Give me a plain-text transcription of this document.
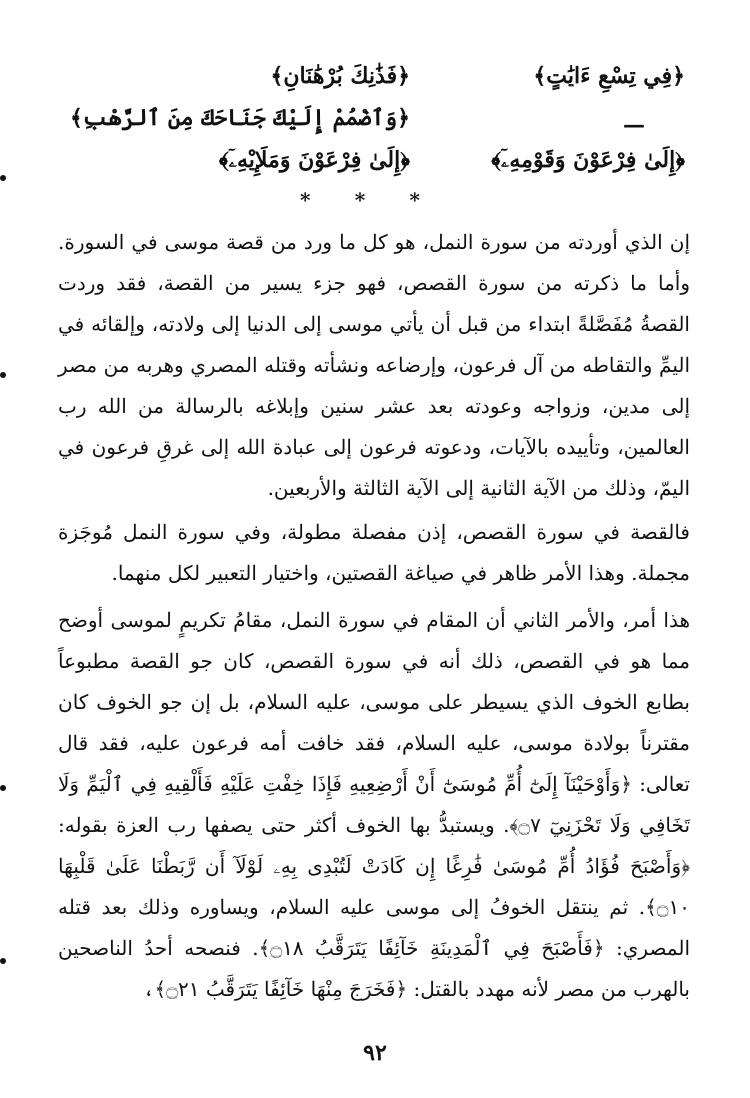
﴿فِي تِسْعِ ءَايَٰتٍ﴾
—
﴿إِلَىٰ فِرْعَوْنَ وَقَوْمِهِۦٓ﴾
﴿فَذَٰنِكَ بُرْهَٰنَانِ﴾
﴿وَٱضْمُمْ إِلَيْكَ جَنَاحَكَ مِنَ ٱلرَّهْبِ﴾
﴿إِلَىٰ فِرْعَوْنَ وَمَلَإِيْهِۦٓ﴾
* * *
إن الذي أوردته من سورة النمل، هو كل ما ورد من قصة موسى في السورة. وأما ما ذكرته من سورة القصص، فهو جزء يسير من القصة، فقد وردت القصةُ مُفَصَّلةً ابتداء من قبل أن يأتي موسى إلى الدنيا إلى ولادته، وإلقائه في اليمِّ والتقاطه من آل فرعون، وإرضاعه ونشأته وقتله المصري وهربه من مصر إلى مدين، وزواجه وعودته بعد عشر سنين وإبلاغه بالرسالة من الله رب العالمين، وتأييده بالآيات، ودعوته فرعون إلى عبادة الله إلى غرقِ فرعون في اليمّ، وذلك من الآية الثانية إلى الآية الثالثة والأربعين.
فالقصة في سورة القصص، إذن مفصلة مطولة، وفي سورة النمل مُوجَزة مجملة. وهذا الأمر ظاهر في صياغة القصتين، واختيار التعبير لكل منهما.
هذا أمر، والأمر الثاني أن المقام في سورة النمل، مقامُ تكريمٍ لموسى أوضح مما هو في القصص، ذلك أنه في سورة القصص، كان جو القصة مطبوعاً بطابع الخوف الذي يسيطر على موسى، عليه السلام، بل إن جو الخوف كان مقترناً بولادة موسى، عليه السلام، فقد خافت أمه فرعون عليه، فقد قال تعالى: ﴿وَأَوْحَيْنَآ إِلَىٰٓ أُمِّ مُوسَىٰٓ أَنْ أَرْضِعِيهِ فَإِذَا خِفْتِ عَلَيْهِ فَأَلْقِيهِ فِي ٱلْيَمِّ وَلَا تَخَافِي وَلَا تَحْزَنِيٓ ۝٧﴾. ويستبدُّ بها الخوف أكثر حتى يصفها رب العزة بقوله: ﴿وَأَصْبَحَ فُؤَادُ أُمِّ مُوسَىٰ فَٰرِغًا إِن كَادَتْ لَتُبْدِى بِهِۦ لَوْلَآ أَن رَّبَطْنَا عَلَىٰ قَلْبِهَا ۝١٠﴾. ثم ينتقل الخوفُ إلى موسى عليه السلام، ويساوره وذلك بعد قتله المصري: ﴿فَأَصْبَحَ فِي ٱلْمَدِينَةِ خَآئِفًا يَتَرَقَّبُ ۝١٨﴾. فنصحه أحدُ الناصحين بالهرب من مصر لأنه مهدد بالقتل: ﴿فَخَرَجَ مِنْهَا خَآئِفًا يَتَرَقَّبُ ۝٢١﴾،
٩٢
